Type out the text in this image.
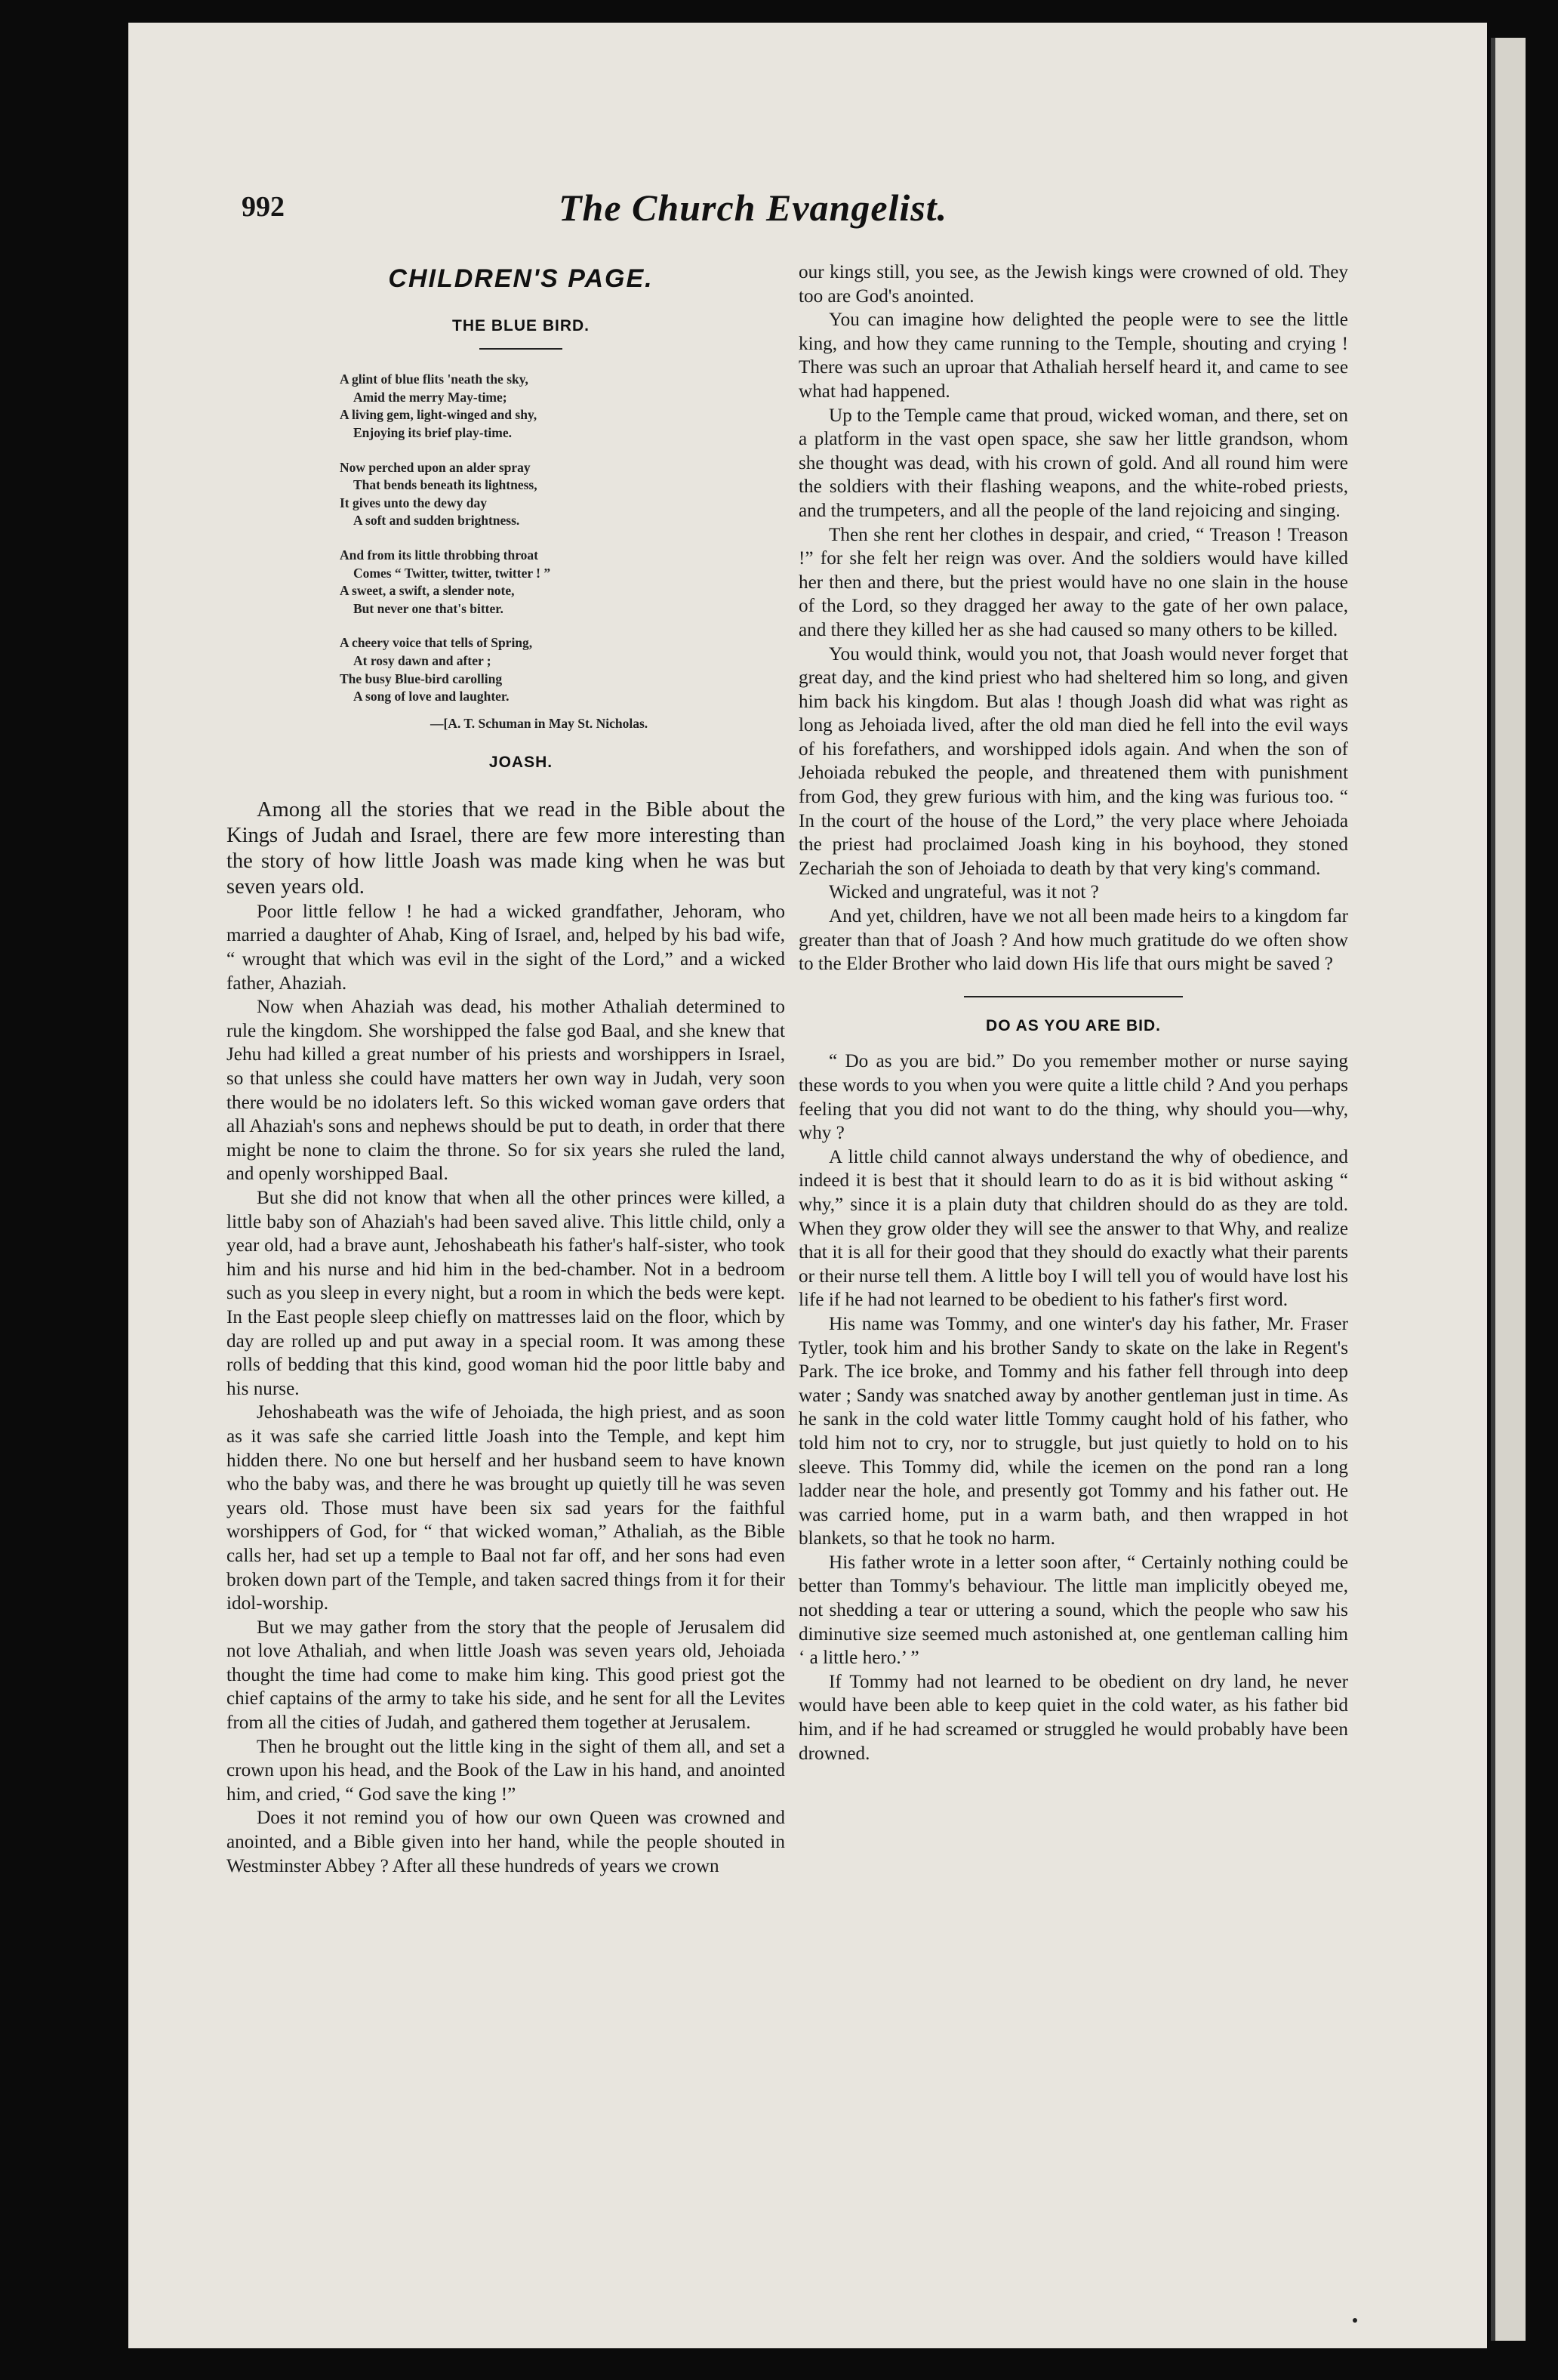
992	The Church Evangelist.
CHILDREN'S PAGE.
THE BLUE BIRD.
A glint of blue flits 'neath the sky,
Amid the merry May-time;
A living gem, light-winged and shy,
Enjoying its brief play-time.
Now perched upon an alder spray
That bends beneath its lightness,
It gives unto the dewy day
A soft and sudden brightness.
And from its little throbbing throat
Comes “ Twitter, twitter, twitter ! ”
A sweet, a swift, a slender note,
But never one that's bitter.
A cheery voice that tells of Spring,
At rosy dawn and after ;
The busy Blue-bird carolling
A song of love and laughter.
—[A. T. Schuman in May St. Nicholas.
JOASH.

Among all the stories that we read in the Bible about the Kings of Judah and Israel, there are few more interesting than the story of how little Joash was made king when he was but seven years old.

Poor little fellow ! he had a wicked grandfather, Jehoram, who married a daughter of Ahab, King of Israel, and, helped by his bad wife, “ wrought that which was evil in the sight of the Lord,” and a wicked father, Ahaziah.

Now when Ahaziah was dead, his mother Athaliah determined to rule the kingdom. She worshipped the false god Baal, and she knew that Jehu had killed a great number of his priests and worshippers in Israel, so that unless she could have matters her own way in Judah, very soon there would be no idolaters left. So this wicked woman gave orders that all Ahaziah's sons and nephews should be put to death, in order that there might be none to claim the throne. So for six years she ruled the land, and openly worshipped Baal.

But she did not know that when all the other princes were killed, a little baby son of Ahaziah's had been saved alive. This little child, only a year old, had a brave aunt, Jehoshabeath his father's half-sister, who took him and his nurse and hid him in the bed-chamber. Not in a bedroom such as you sleep in every night, but a room in which the beds were kept. In the East people sleep chiefly on mattresses laid on the floor, which by day are rolled up and put away in a special room. It was among these rolls of bedding that this kind, good woman hid the poor little baby and his nurse.

Jehoshabeath was the wife of Jehoiada, the high priest, and as soon as it was safe she carried little Joash into the Temple, and kept him hidden there. No one but herself and her husband seem to have known who the baby was, and there he was brought up quietly till he was seven years old. Those must have been six sad years for the faithful worshippers of God, for “ that wicked woman,” Athaliah, as the Bible calls her, had set up a temple to Baal not far off, and her sons had even broken down part of the Temple, and taken sacred things from it for their idol-worship.

But we may gather from the story that the people of Jerusalem did not love Athaliah, and when little Joash was seven years old, Jehoiada thought the time had come to make him king. This good priest got the chief captains of the army to take his side, and he sent for all the Levites from all the cities of Judah, and gathered them together at Jerusalem.

Then he brought out the little king in the sight of them all, and set a crown upon his head, and the Book of the Law in his hand, and anointed him, and cried, “ God save the king !”

Does it not remind you of how our own Queen was crowned and anointed, and a Bible given into her hand, while the people shouted in Westminster Abbey ? After all these hundreds of years we crown

our kings still, you see, as the Jewish kings were crowned of old. They too are God's anointed.

You can imagine how delighted the people were to see the little king, and how they came running to the Temple, shouting and crying ! There was such an uproar that Athaliah herself heard it, and came to see what had happened.

Up to the Temple came that proud, wicked woman, and there, set on a platform in the vast open space, she saw her little grandson, whom she thought was dead, with his crown of gold. And all round him were the soldiers with their flashing weapons, and the white-robed priests, and the trumpeters, and all the people of the land rejoicing and singing.

Then she rent her clothes in despair, and cried, “ Treason ! Treason !” for she felt her reign was over. And the soldiers would have killed her then and there, but the priest would have no one slain in the house of the Lord, so they dragged her away to the gate of her own palace, and there they killed her as she had caused so many others to be killed.

You would think, would you not, that Joash would never forget that great day, and the kind priest who had sheltered him so long, and given him back his kingdom. But alas ! though Joash did what was right as long as Jehoiada lived, after the old man died he fell into the evil ways of his forefathers, and worshipped idols again. And when the son of Jehoiada rebuked the people, and threatened them with punishment from God, they grew furious with him, and the king was furious too. “ In the court of the house of the Lord,” the very place where Jehoiada the priest had proclaimed Joash king in his boyhood, they stoned Zechariah the son of Jehoiada to death by that very king's command.

Wicked and ungrateful, was it not ?

And yet, children, have we not all been made heirs to a kingdom far greater than that of Joash ? And how much gratitude do we often show to the Elder Brother who laid down His life that ours might be saved ?

DO AS YOU ARE BID.

“ Do as you are bid.” Do you remember mother or nurse saying these words to you when you were quite a little child ? And you perhaps feeling that you did not want to do the thing, why should you—why, why ?

A little child cannot always understand the why of obedience, and indeed it is best that it should learn to do as it is bid without asking “ why,” since it is a plain duty that children should do as they are told. When they grow older they will see the answer to that Why, and realize that it is all for their good that they should do exactly what their parents or their nurse tell them. A little boy I will tell you of would have lost his life if he had not learned to be obedient to his father's first word.

His name was Tommy, and one winter's day his father, Mr. Fraser Tytler, took him and his brother Sandy to skate on the lake in Regent's Park. The ice broke, and Tommy and his father fell through into deep water ; Sandy was snatched away by another gentleman just in time. As he sank in the cold water little Tommy caught hold of his father, who told him not to cry, nor to struggle, but just quietly to hold on to his sleeve. This Tommy did, while the icemen on the pond ran a long ladder near the hole, and presently got Tommy and his father out. He was carried home, put in a warm bath, and then wrapped in hot blankets, so that he took no harm.

His father wrote in a letter soon after, “ Certainly nothing could be better than Tommy's behaviour. The little man implicitly obeyed me, not shedding a tear or uttering a sound, which the people who saw his diminutive size seemed much astonished at, one gentleman calling him ‘ a little hero.’ ”

If Tommy had not learned to be obedient on dry land, he never would have been able to keep quiet in the cold water, as his father bid him, and if he had screamed or struggled he would probably have been drowned.
